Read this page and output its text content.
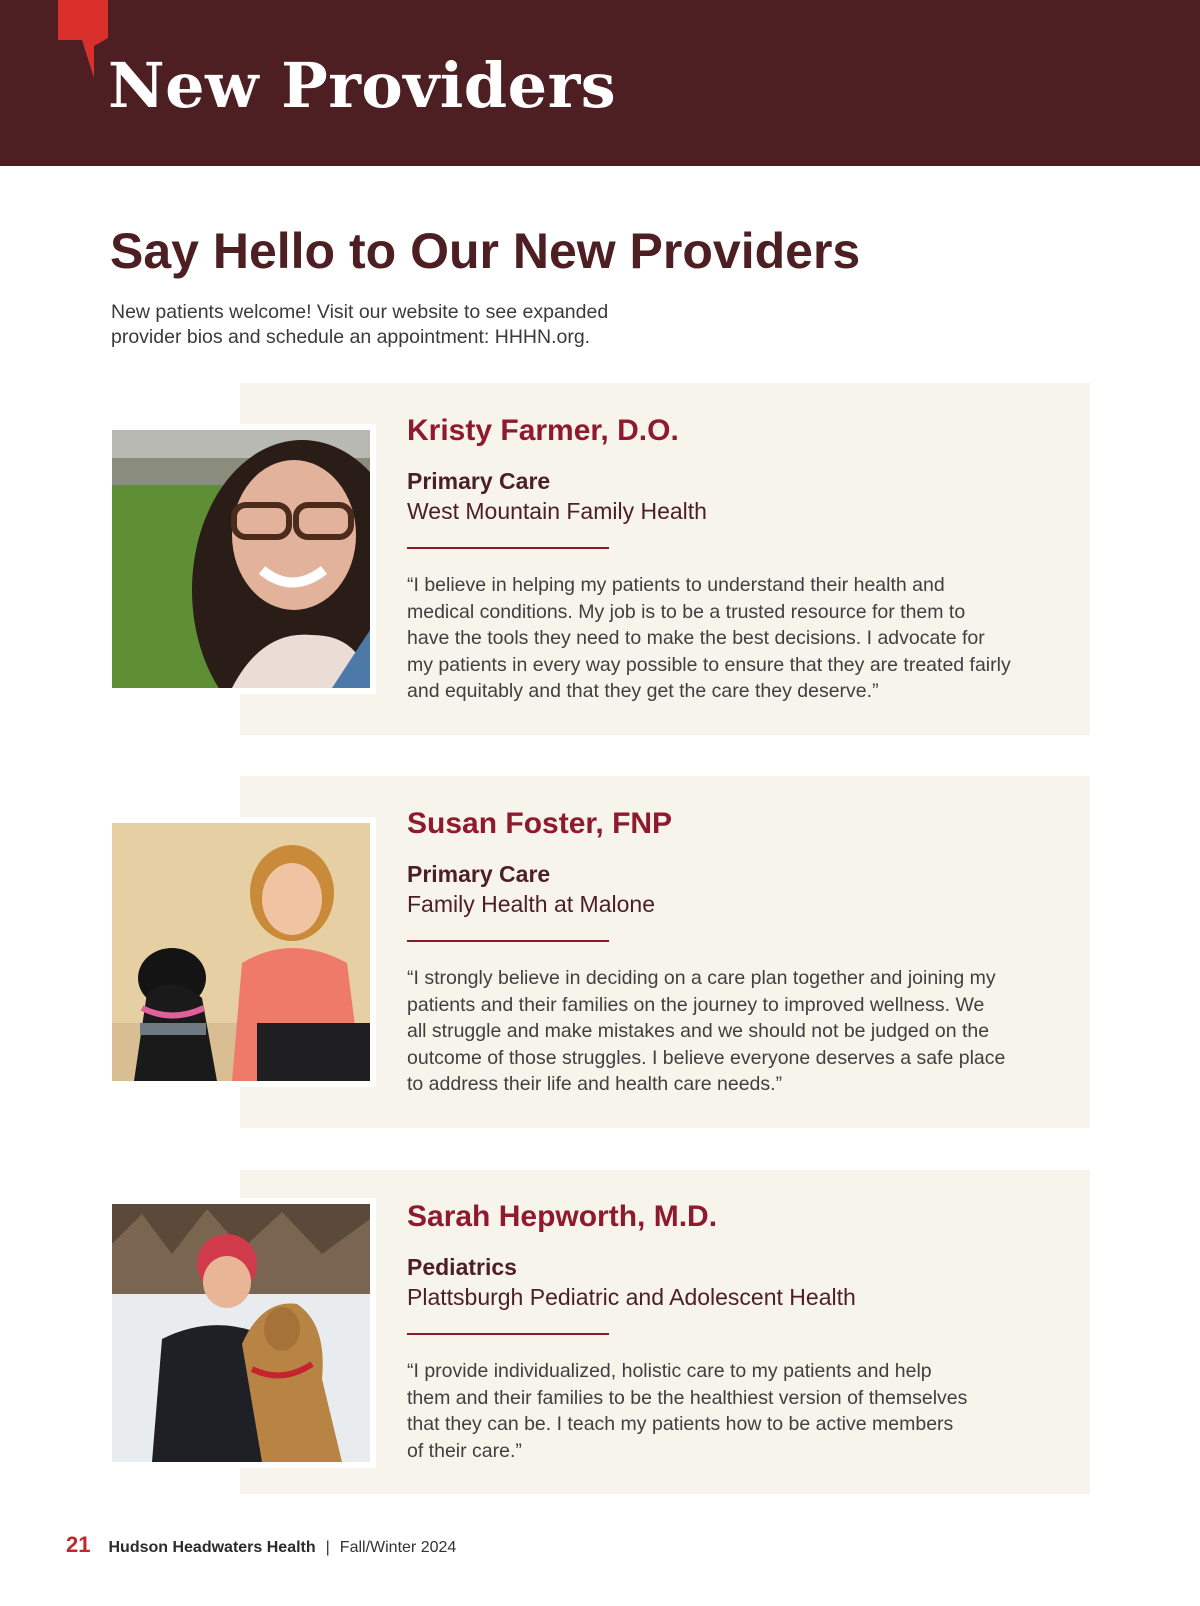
New Providers
Say Hello to Our New Providers

New patients welcome! Visit our website to see expanded
provider bios and schedule an appointment: HHHN.org.

Kristy Farmer, D.O.

Primary Care

West Mountain Family Health

“I believe in helping my patients to understand their health and
medical conditions. My job is to be a trusted resource for them to
have the tools they need to make the best decisions. I advocate for
my patients in every way possible to ensure that they are treated fairly
and equitably and that they get the care they deserve.”

Susan Foster, FNP

Primary Care

Family Health at Malone

“I strongly believe in deciding on a care plan together and joining my
patients and their families on the journey to improved wellness. We
all struggle and make mistakes and we should not be judged on the
outcome of those struggles. I believe everyone deserves a safe place
to address their life and health care needs.”

Sarah Hepworth, M.D.

Pediatrics

Plattsburgh Pediatric and Adolescent Health

“I provide individualized, holistic care to my patients and help
them and their families to be the healthiest version of themselves
that they can be. I teach my patients how to be active members
of their care.”

21 Hudson Headwaters Health | Fall/Winter 2024
